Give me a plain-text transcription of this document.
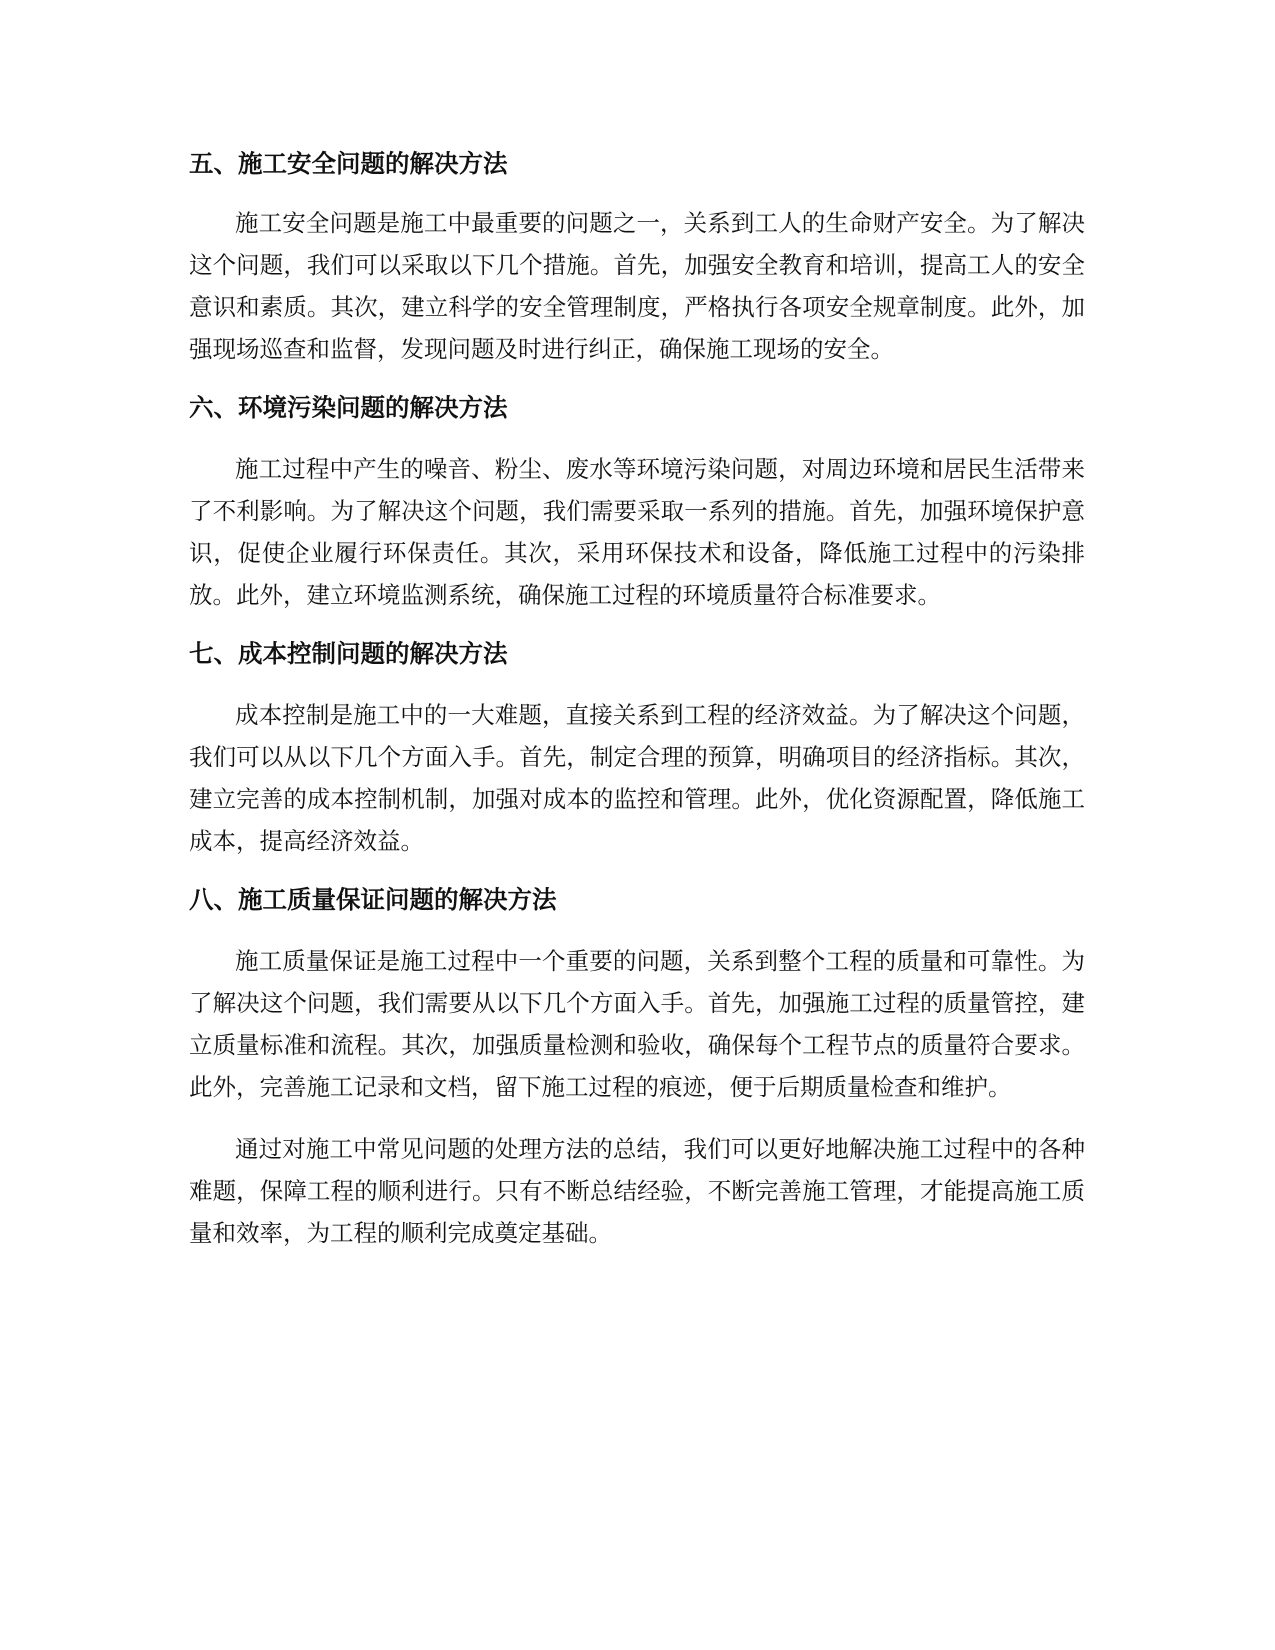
五、施工安全问题的解决方法

施工安全问题是施工中最重要的问题之一，关系到工人的生命财产安全。为了解决这个问题，我们可以采取以下几个措施。首先，加强安全教育和培训，提高工人的安全意识和素质。其次，建立科学的安全管理制度，严格执行各项安全规章制度。此外，加强现场巡查和监督，发现问题及时进行纠正，确保施工现场的安全。

六、环境污染问题的解决方法

施工过程中产生的噪音、粉尘、废水等环境污染问题，对周边环境和居民生活带来了不利影响。为了解决这个问题，我们需要采取一系列的措施。首先，加强环境保护意识，促使企业履行环保责任。其次，采用环保技术和设备，降低施工过程中的污染排放。此外，建立环境监测系统，确保施工过程的环境质量符合标准要求。

七、成本控制问题的解决方法

成本控制是施工中的一大难题，直接关系到工程的经济效益。为了解决这个问题，我们可以从以下几个方面入手。首先，制定合理的预算，明确项目的经济指标。其次，建立完善的成本控制机制，加强对成本的监控和管理。此外，优化资源配置，降低施工成本，提高经济效益。

八、施工质量保证问题的解决方法

施工质量保证是施工过程中一个重要的问题，关系到整个工程的质量和可靠性。为了解决这个问题，我们需要从以下几个方面入手。首先，加强施工过程的质量管控，建立质量标准和流程。其次，加强质量检测和验收，确保每个工程节点的质量符合要求。此外，完善施工记录和文档，留下施工过程的痕迹，便于后期质量检查和维护。

通过对施工中常见问题的处理方法的总结，我们可以更好地解决施工过程中的各种难题，保障工程的顺利进行。只有不断总结经验，不断完善施工管理，才能提高施工质量和效率，为工程的顺利完成奠定基础。
